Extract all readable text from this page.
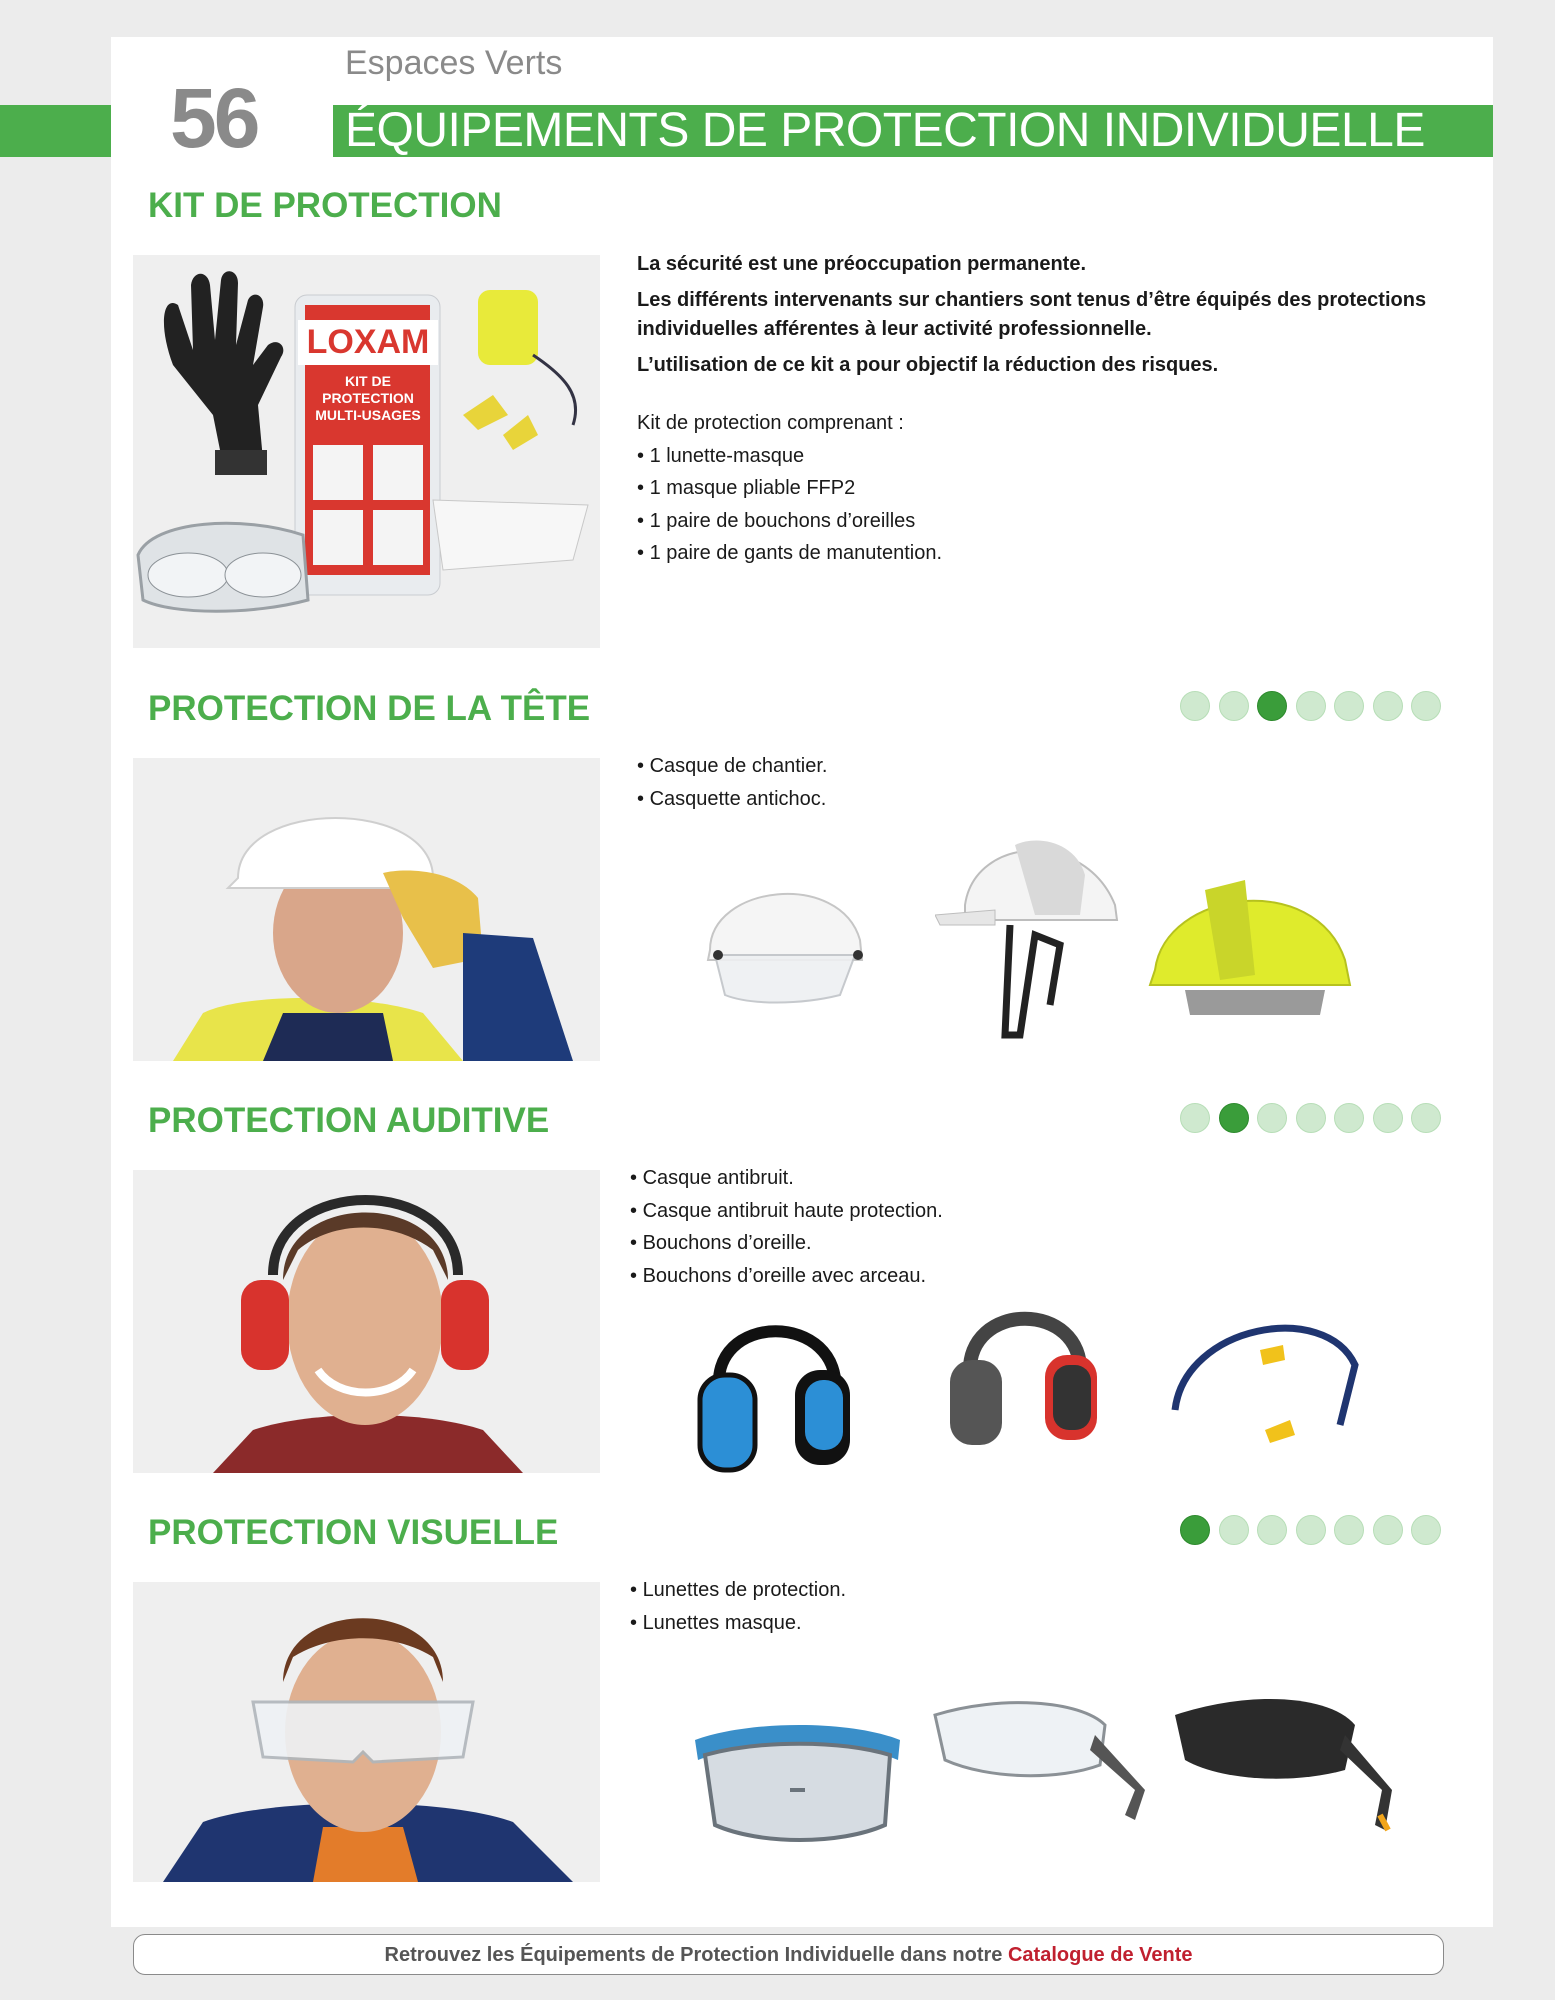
56
Espaces Verts
ÉQUIPEMENTS DE PROTECTION INDIVIDUELLE
KIT DE PROTECTION
LOXAM
KIT DE PROTECTION MULTI-USAGES

La sécurité est une préoccupation permanente.

Les différents intervenants sur chantiers sont tenus d’être équipés des protections individuelles afférentes à leur activité professionnelle.

L’utilisation de ce kit a pour objectif la réduction des risques.

Kit de protection comprenant :
• 1 lunette-masque
• 1 masque pliable FFP2
• 1 paire de bouchons d’oreilles
• 1 paire de gants de manutention.
PROTECTION DE LA TÊTE
• Casque de chantier.
• Casquette antichoc.
PROTECTION AUDITIVE
• Casque antibruit.
• Casque antibruit haute protection.
• Bouchons d’oreille.
• Bouchons d’oreille avec arceau.
PROTECTION VISUELLE
• Lunettes de protection.
• Lunettes masque.
Retrouvez les Équipements de Protection Individuelle dans notre Catalogue de Vente
